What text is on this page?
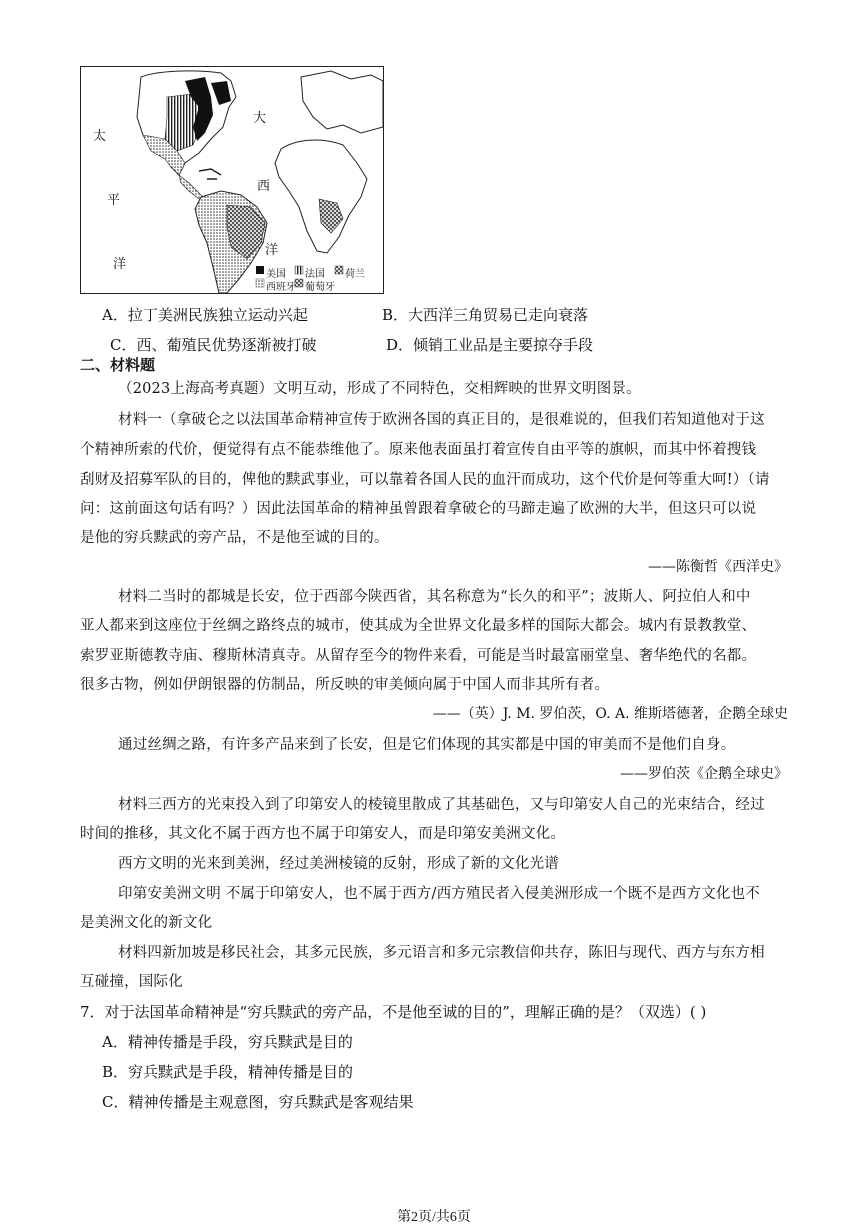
太
平
洋
大
西
洋
美国 法国 荷兰
西班牙 葡萄牙
A．拉丁美洲民族独立运动兴起	B．大西洋三角贸易已走向衰落
C．西、葡殖民优势逐渐被打破	D．倾销工业品是主要掠夺手段
二、材料题
（2023上海高考真题）文明互动，形成了不同特色，交相辉映的世界文明图景。
材料一（拿破仑之以法国革命精神宣传于欧洲各国的真正目的，是很难说的，但我们若知道他对于这
个精神所索的代价，便觉得有点不能恭维他了。原来他表面虽打着宣传自由平等的旗帜，而其中怀着搜钱
刮财及招募军队的目的，俾他的黩武事业，可以靠着各国人民的血汗而成功，这个代价是何等重大呵!）（请
问：这前面这句话有吗？）因此法国革命的精神虽曾跟着拿破仑的马蹄走遍了欧洲的大半，但这只可以说
是他的穷兵黩武的旁产品，不是他至诚的目的。
——陈衡哲《西洋史》
材料二当时的都城是长安，位于西部今陕西省，其名称意为“长久的和平”；波斯人、阿拉伯人和中
亚人都来到这座位于丝绸之路终点的城市，使其成为全世界文化最多样的国际大都会。城内有景教教堂、
索罗亚斯德教寺庙、穆斯林清真寺。从留存至今的物件来看，可能是当时最富丽堂皇、奢华绝代的名都。
很多古物，例如伊朗银器的仿制品，所反映的审美倾向属于中国人而非其所有者。
——（英）J. M. 罗伯茨，O. A. 维斯塔德著，企鹅全球史
通过丝绸之路，有许多产品来到了长安，但是它们体现的其实都是中国的审美而不是他们自身。
——罗伯茨《企鹅全球史》
材料三西方的光束投入到了印第安人的棱镜里散成了其基础色，又与印第安人自己的光束结合，经过
时间的推移，其文化不属于西方也不属于印第安人，而是印第安美洲文化。
西方文明的光来到美洲，经过美洲棱镜的反射，形成了新的文化光谱
印第安美洲文明 不属于印第安人，也不属于西方/西方殖民者入侵美洲形成一个既不是西方文化也不
是美洲文化的新文化
材料四新加坡是移民社会，其多元民族，多元语言和多元宗教信仰共存，陈旧与现代、西方与东方相
互碰撞，国际化
7．对于法国革命精神是“穷兵黩武的旁产品，不是他至诚的目的”，理解正确的是？（双选）( )
A．精神传播是手段，穷兵黩武是目的
B．穷兵黩武是手段，精神传播是目的
C．精神传播是主观意图，穷兵黩武是客观结果
第2页/共6页
